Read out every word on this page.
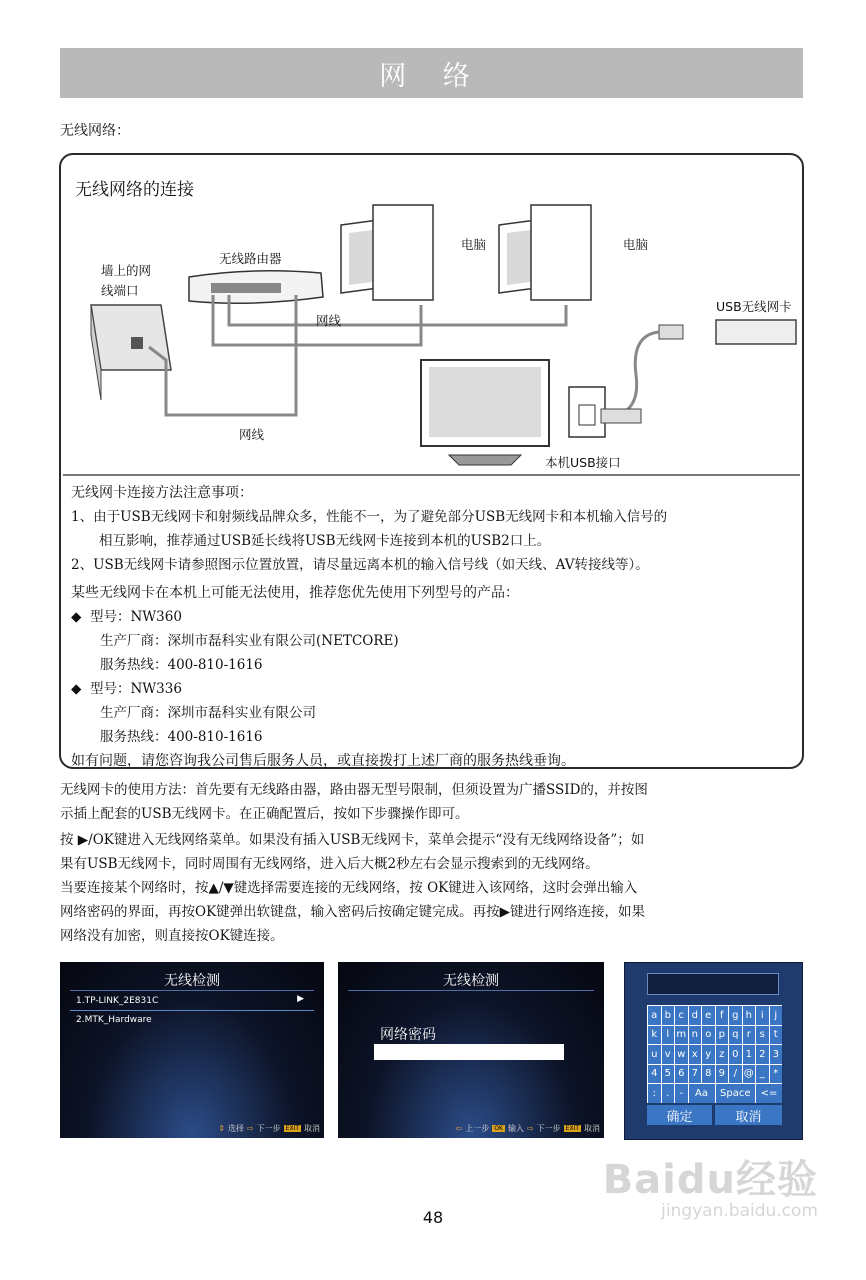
网 络
无线网络：
无线网络的连接
墙上的网
线端口
无线路由器
电脑	电脑
网线
网线
USB无线网卡
本机USB接口
无线网卡连接方法注意事项：
1、由于USB无线网卡和射频线品牌众多，性能不一，为了避免部分USB无线网卡和本机输入信号的
相互影响，推荐通过USB延长线将USB无线网卡连接到本机的USB2口上。
2、USB无线网卡请参照图示位置放置，请尽量远离本机的输入信号线（如天线、AV转接线等）。
某些无线网卡在本机上可能无法使用，推荐您优先使用下列型号的产品：
◆ 型号：NW360
生产厂商：深圳市磊科实业有限公司(NETCORE)
服务热线：400-810-1616
◆ 型号：NW336
生产厂商：深圳市磊科实业有限公司
服务热线：400-810-1616
如有问题，请您咨询我公司售后服务人员，或直接拨打上述厂商的服务热线垂询。
无线网卡的使用方法：首先要有无线路由器，路由器无型号限制，但须设置为广播SSID的，并按图
示插上配套的USB无线网卡。在正确配置后，按如下步骤操作即可。
按 ▶/OK键进入无线网络菜单。如果没有插入USB无线网卡，菜单会提示“没有无线网络设备”；如
果有USB无线网卡，同时周围有无线网络，进入后大概2秒左右会显示搜索到的无线网络。
当要连接某个网络时，按▲/▼键选择需要连接的无线网络，按 OK键进入该网络，这时会弹出输入
网络密码的界面，再按OK键弹出软键盘，输入密码后按确定键完成。再按▶键进行网络连接，如果
网络没有加密，则直接按OK键连接。
无线检测
1.TP-LINK_2E831C	▶
2.MTK_Hardware
⇕ 选择 ⇨ 下一步 EXIT 取消
无线检测
网络密码
⇦ 上一步 OK 输入 ⇨ 下一步 EXIT 取消
a b c d e f g h i	j
k l m n o p q r s t
u v w x y z 0 1 2 3
4 5 6 7 8 9 / @ _ *
:	.	-	Aa	Space	<=
确定	取消
Baidu经验
jingyan.baidu.com
48
